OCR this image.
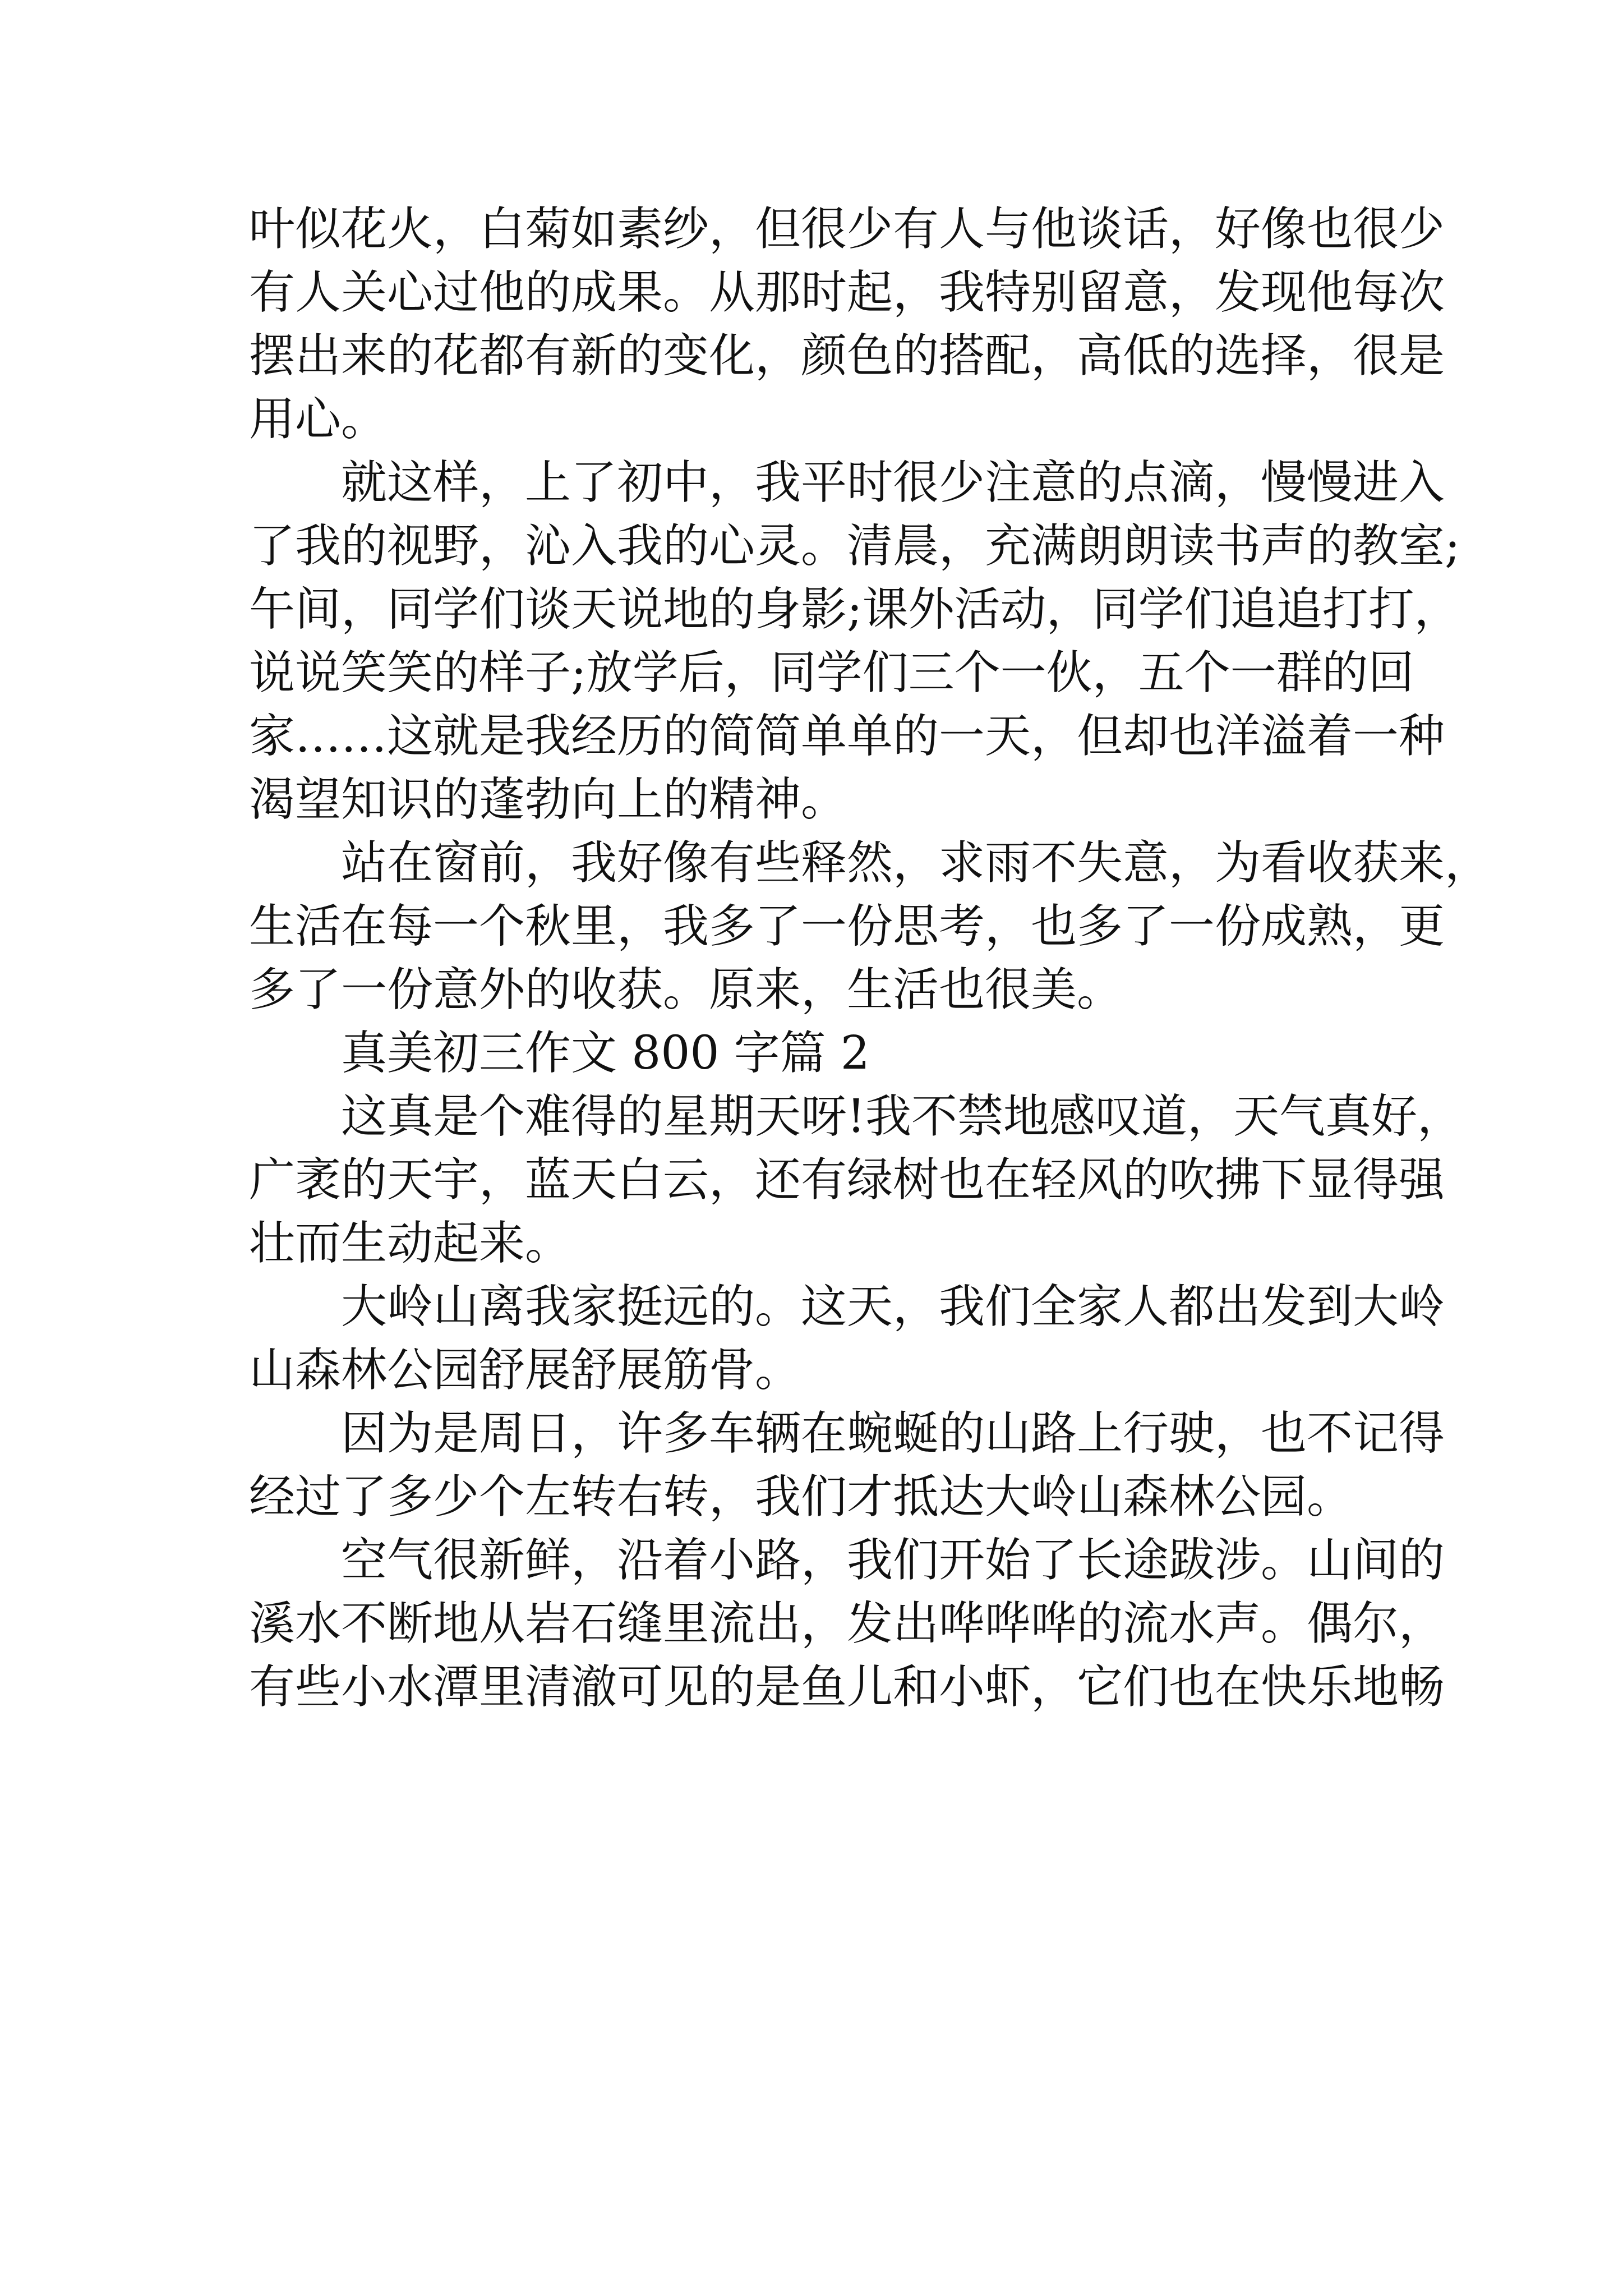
叶似花火，白菊如素纱，但很少有人与他谈话，好像也很少
有人关心过他的成果。从那时起，我特别留意，发现他每次
摆出来的花都有新的变化，颜色的搭配，高低的选择，很是
用心。
就这样，上了初中，我平时很少注意的点滴，慢慢进入
了我的视野，沁入我的心灵。清晨，充满朗朗读书声的教室;
午间，同学们谈天说地的身影;课外活动，同学们追追打打，
说说笑笑的样子;放学后，同学们三个一伙，五个一群的回
家……这就是我经历的简简单单的一天，但却也洋溢着一种
渴望知识的蓬勃向上的精神。
站在窗前，我好像有些释然，求雨不失意，为看收获来，
生活在每一个秋里，我多了一份思考，也多了一份成熟，更
多了一份意外的收获。原来，生活也很美。
真美初三作文 800 字篇 2
这真是个难得的星期天呀!我不禁地感叹道，天气真好，
广袤的天宇，蓝天白云，还有绿树也在轻风的吹拂下显得强
壮而生动起来。
大岭山离我家挺远的。这天，我们全家人都出发到大岭
山森林公园舒展舒展筋骨。
因为是周日，许多车辆在蜿蜒的山路上行驶，也不记得
经过了多少个左转右转，我们才抵达大岭山森林公园。
空气很新鲜，沿着小路，我们开始了长途跋涉。山间的
溪水不断地从岩石缝里流出，发出哗哗哗的流水声。偶尔，
有些小水潭里清澈可见的是鱼儿和小虾，它们也在快乐地畅
